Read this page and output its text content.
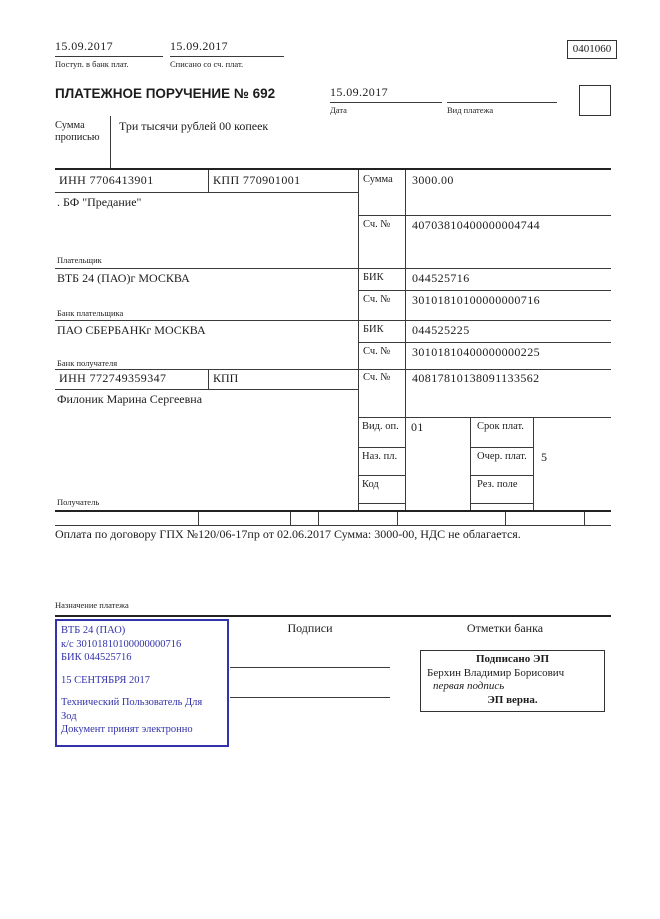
15.09.2017
Поступ. в банк плат.
15.09.2017
Списано со сч. плат.
0401060
ПЛАТЕЖНОЕ ПОРУЧЕНИЕ № 692	15.09.2017
Дата	Вид платежа
Сумма прописью
Три тысячи рублей 00 копеек
ИНН 7706413901	КПП 770901001	Сумма 3000.00
. БФ "Предание"
Сч. № 40703810400000004744
Плательщик
ВТБ 24 (ПАО)г МОСКВА	БИК 044525716
Сч. № 30101810100000000716
Банк плательщика
ПАО СБЕРБАНКг МОСКВА	БИК 044525225
Сч. № 30101810400000000225
Банк получателя
ИНН 772749359347	КПП	Сч. № 40817810138091133562
Филоник Марина Сергеевна
Вид. оп. 01	Срок плат.
Наз. пл.	Очер. плат. 5
Код	Рез. поле
Получатель
Оплата по договору ГПХ №120/06-17пр от 02.06.2017 Сумма: 3000-00, НДС не облагается.
Назначение платежа
ВТБ 24 (ПАО)
к/с 30101810100000000716
БИК 044525716
15 СЕНТЯБРЯ 2017
Технический Пользователь Для
Зод
Документ принят электронно
Подписи	Отметки банка
Подписано ЭП
Берхин Владимир Борисович
первая подпись
ЭП верна.
